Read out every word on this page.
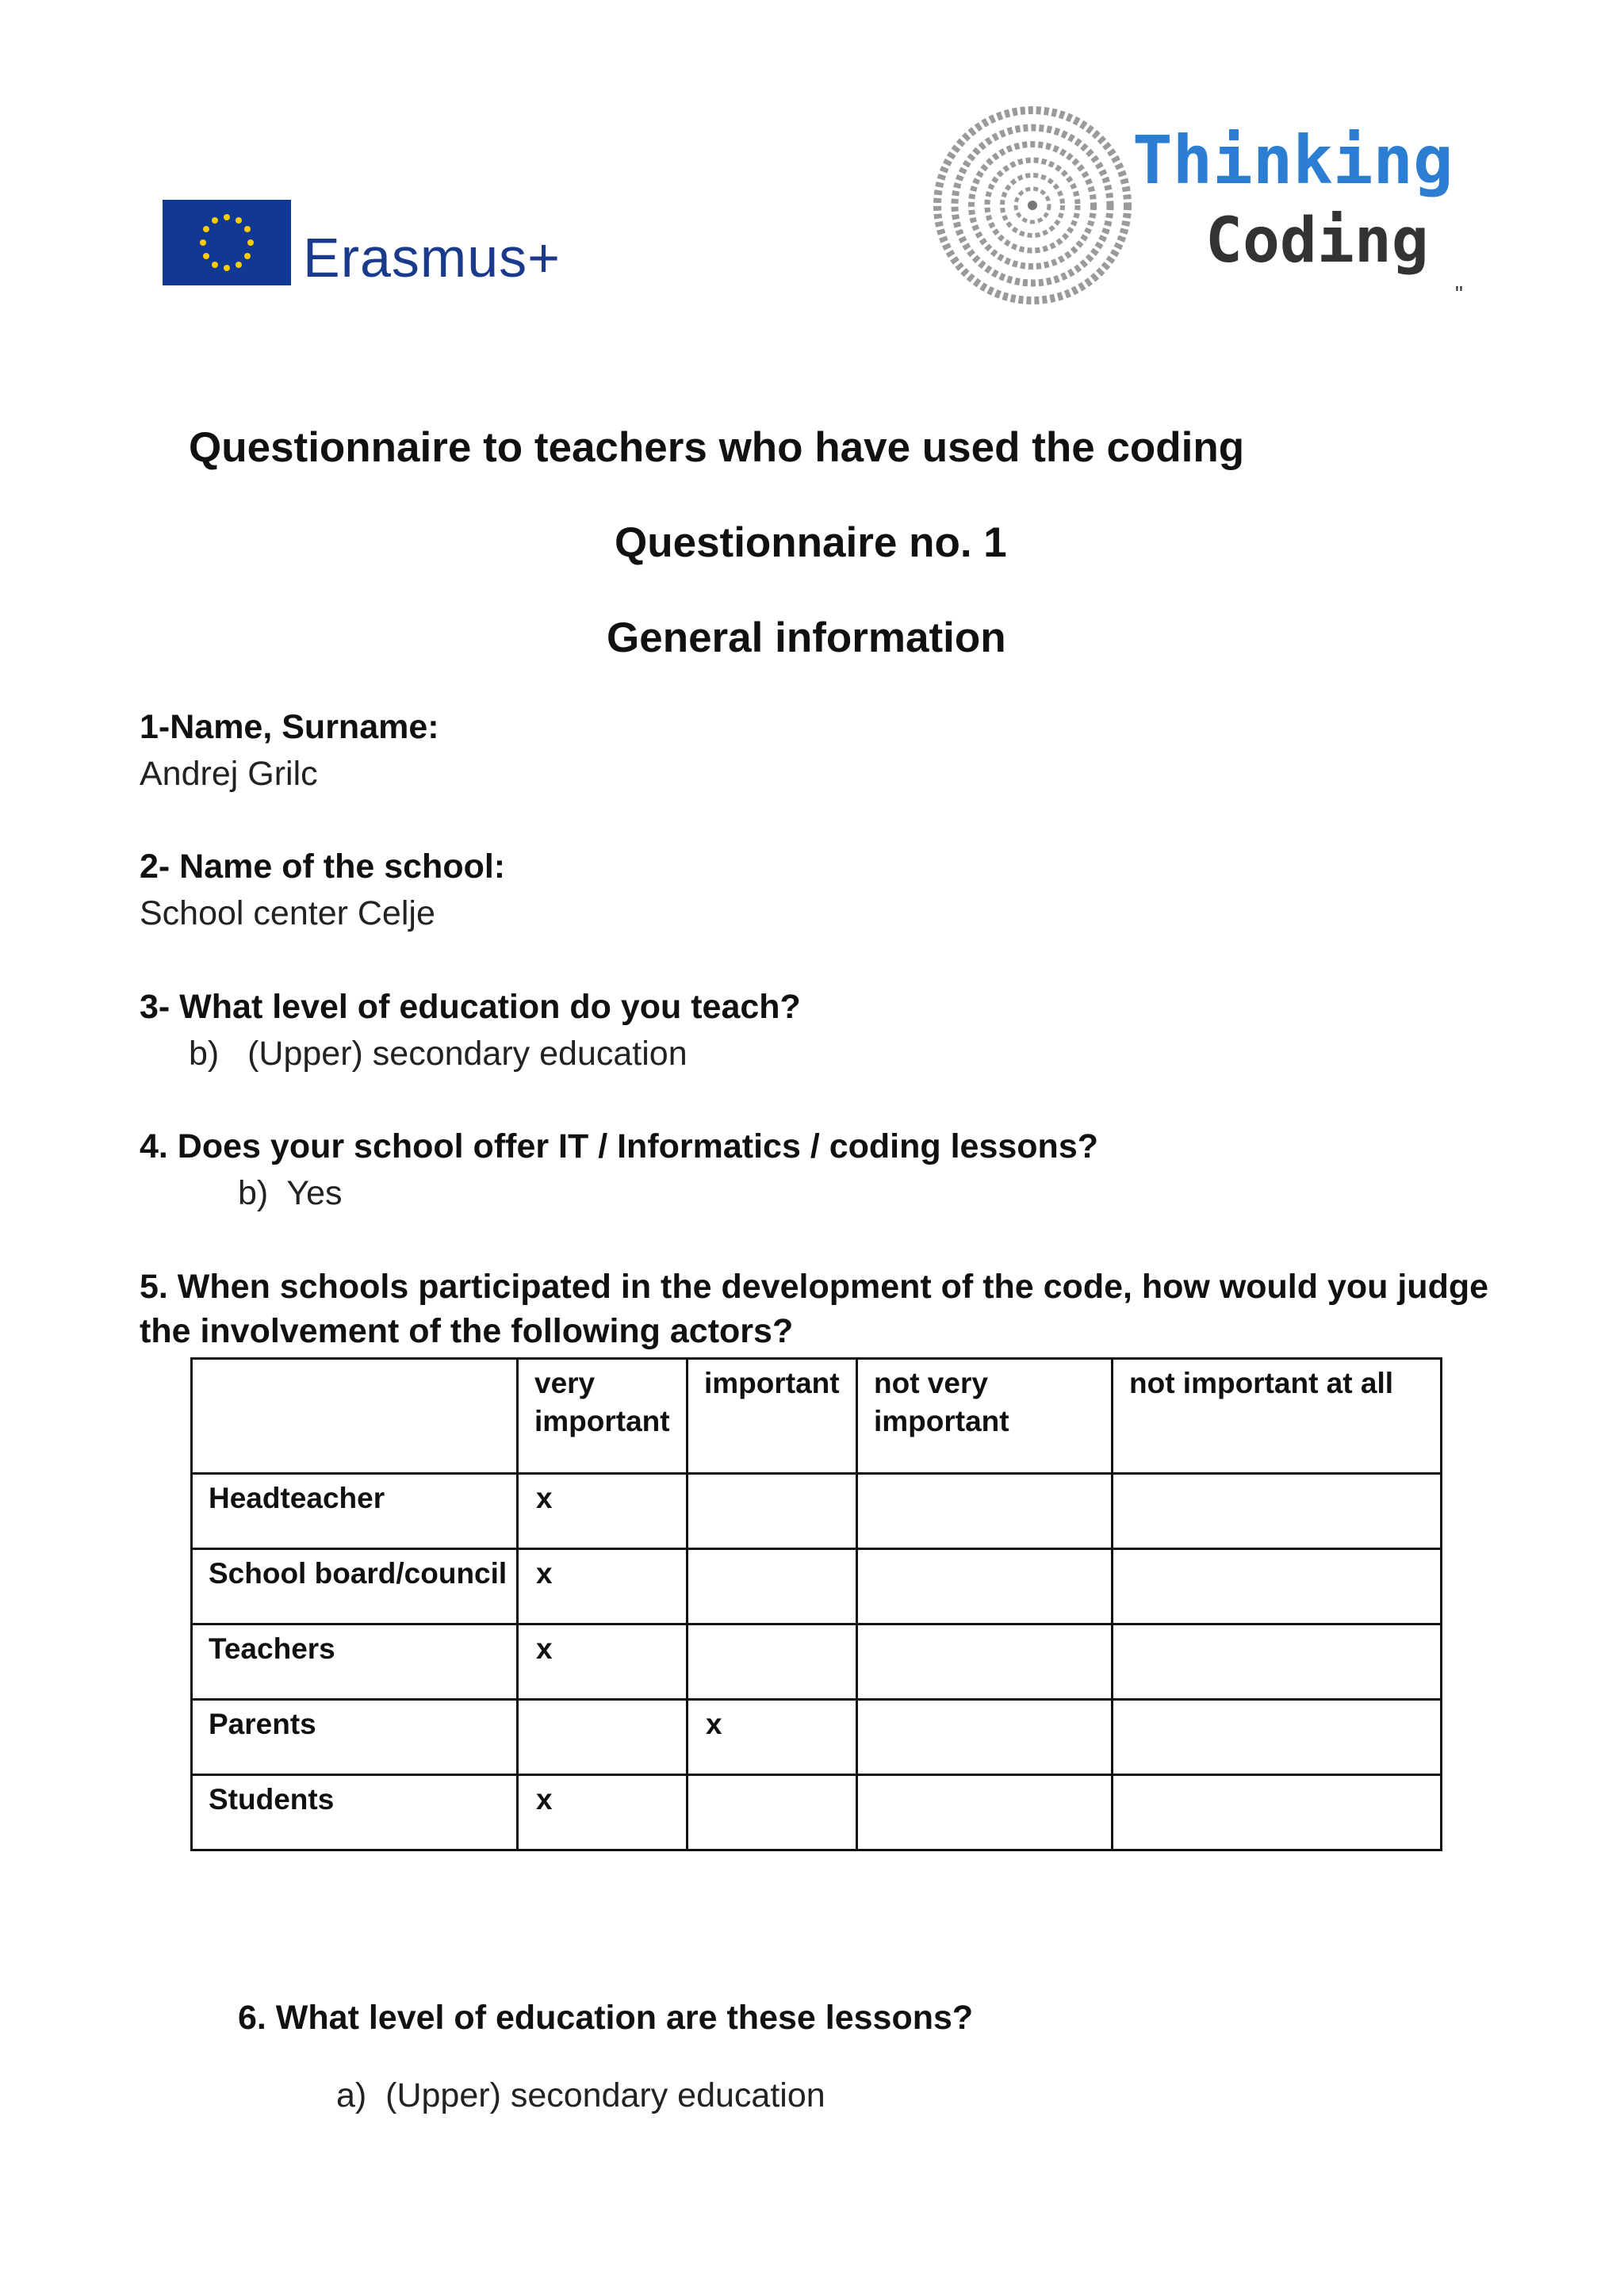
Erasmus+
Thinking
Coding
"
Questionnaire to teachers who have used the coding
Questionnaire no. 1
General information
1-Name, Surname:
Andrej Grilc
2- Name of the school:
School center Celje
3- What level of education do you teach?
b)   (Upper) secondary education
4. Does your school offer IT / Informatics / coding lessons?
b)  Yes
5. When schools participated in the development of the code, how would you judge
the involvement of the following actors?
	very important	important	not very important	not important at all
Headteacher	x			
School board/council	x			
Teachers	x			
Parents		x		
Students	x			
6. What level of education are these lessons?
a)  (Upper) secondary education
